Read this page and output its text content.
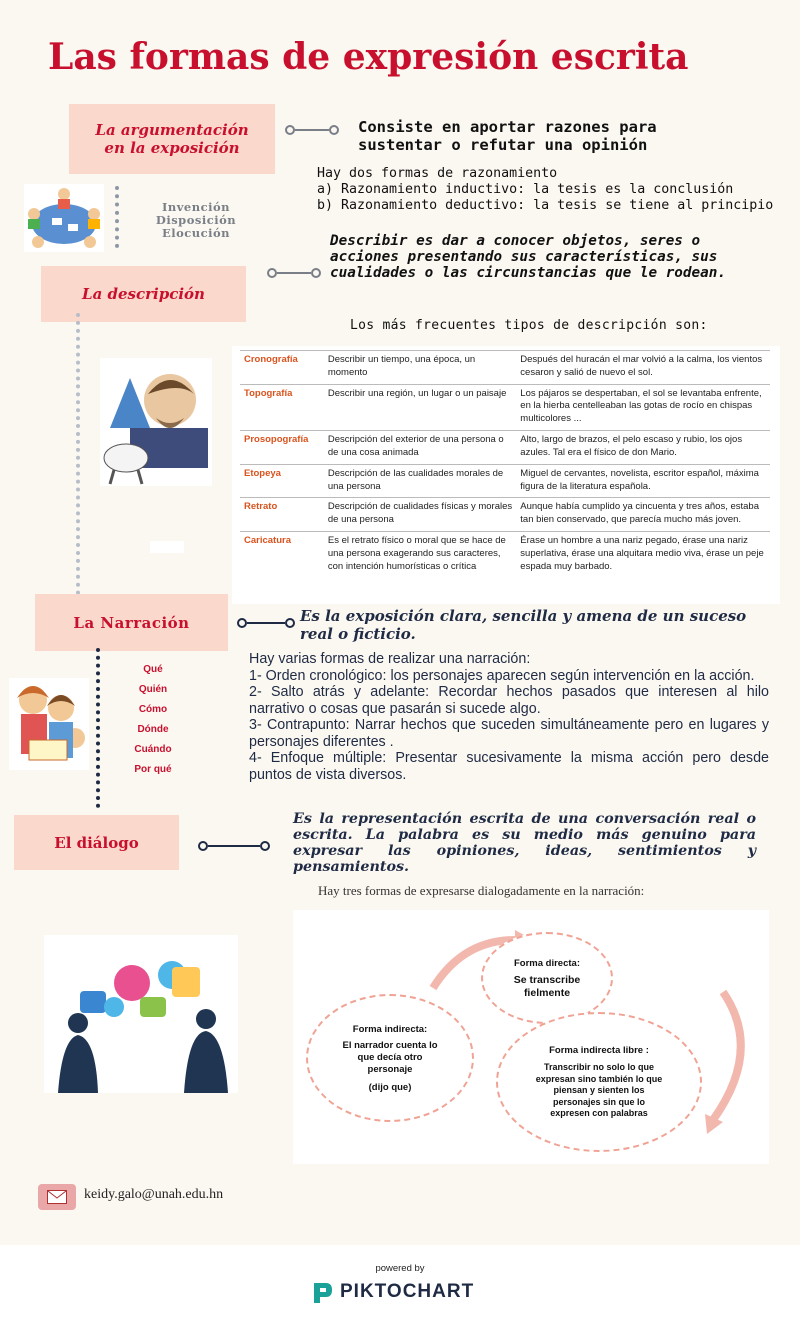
Las formas de expresión escrita
La argumentación
en la exposición
Consiste en aportar razones para
sustentar o refutar una opinión
Hay dos formas de razonamiento
a) Razonamiento inductivo: la tesis es la conclusión
b) Razonamiento deductivo: la tesis se tiene al principio
Invención
Disposición
Elocución
La descripción
Describir es dar a conocer objetos, seres o acciones presentando sus características, sus cualidades o las circunstancias que le rodean.
Los más frecuentes tipos de descripción son:
Cronografía	Describir un tiempo, una época, un momento	Después del huracán el mar volvió a la calma, los vientos cesaron y salió de nuevo el sol.
Topografía	Describir una región, un lugar o un paisaje	Los pájaros se despertaban, el sol se levantaba enfrente, en la hierba centelleaban las gotas de rocío en chispas multicolores ...
Prosopografía	Descripción del exterior de una persona o de una cosa animada	Alto, largo de brazos, el pelo escaso y rubio, los ojos azules. Tal era el físico de don Mario.
Etopeya	Descripción de las cualidades morales de una persona	Miguel de cervantes, novelista, escritor español, máxima figura de la literatura española.
Retrato	Descripción de cualidades físicas y morales de una persona	Aunque había cumplido ya cincuenta y tres años, estaba tan bien conservado, que parecía mucho más joven.
Caricatura	Es el retrato físico o moral que se hace de una persona exagerando sus caracteres, con intención humorísticas o crítica	Érase un hombre a una nariz pegado, érase una nariz superlativa, érase una alquitara medio viva, érase un peje espada muy barbado.
La Narración	Es la exposición clara, sencilla y amena de un suceso
real o ficticio.
Hay varias formas de realizar una narración:
1- Orden cronológico: los personajes aparecen según intervención en la acción.
2- Salto atrás y adelante: Recordar hechos pasados que interesen al hilo narrativo o cosas que pasarán si sucede algo.
3- Contrapunto: Narrar hechos que suceden simultáneamente pero en lugares y personajes diferentes .
4- Enfoque múltiple: Presentar sucesivamente la misma acción pero desde puntos de vista diversos.
Qué
Quién
Cómo
Dónde
Cuándo
Por qué
El diálogo
Es la representación escrita de una conversación real o escrita. La palabra es su medio más genuino para expresar las opiniones, ideas, sentimientos y pensamientos.
Hay tres formas de expresarse dialogadamente en la narración:
Forma directa:
Se transcribe fielmente
Forma indirecta:
El narrador cuenta lo que decía otro personaje
(dijo que)
Forma indirecta libre :
Transcribir no solo lo que expresan sino también lo que piensan y sienten los personajes sin que lo expresen con palabras
keidy.galo@unah.edu.hn
powered by
PIKTOCHART
